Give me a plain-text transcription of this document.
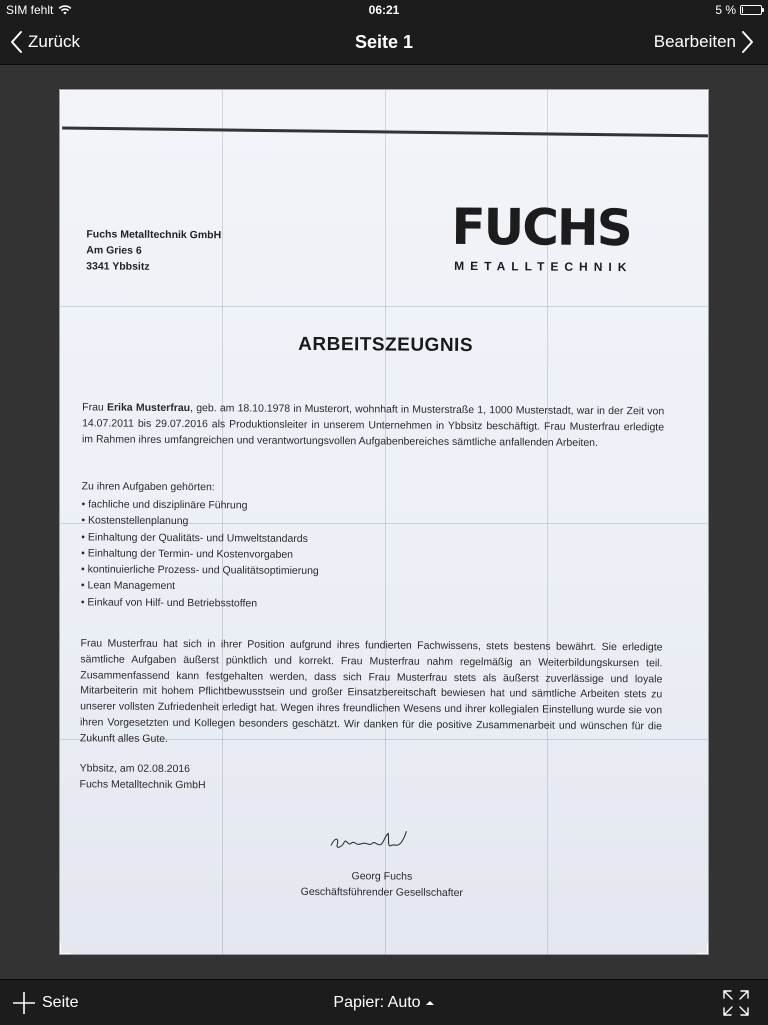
SIM fehlt	06:21	5 %
Zurück	Seite 1	Bearbeiten
Fuchs Metalltechnik GmbH
Am Gries 6
3341 Ybbsitz
FUCHS
METALLTECHNIK
ARBEITSZEUGNIS
Frau Erika Musterfrau, geb. am 18.10.1978 in Musterort, wohnhaft in Musterstraße 1, 1000 Musterstadt, war in der Zeit von 14.07.2011 bis 29.07.2016 als Produktionsleiter in unserem Unternehmen in Ybbsitz beschäftigt. Frau Musterfrau erledigte im Rahmen ihres umfangreichen und verantwortungsvollen Aufgabenbereiches sämtliche anfallenden Arbeiten.
Zu ihren Aufgaben gehörten:
• fachliche und disziplinäre Führung
• Kostenstellenplanung
• Einhaltung der Qualitäts- und Umweltstandards
• Einhaltung der Termin- und Kostenvorgaben
• kontinuierliche Prozess- und Qualitätsoptimierung
• Lean Management
• Einkauf von Hilf- und Betriebsstoffen
Frau Musterfrau hat sich in ihrer Position aufgrund ihres fundierten Fachwissens, stets bestens bewährt. Sie erledigte sämtliche Aufgaben äußerst pünktlich und korrekt. Frau Musterfrau nahm regelmäßig an Weiterbildungskursen teil. Zusammenfassend kann festgehalten werden, dass sich Frau Musterfrau stets als äußerst zuverlässige und loyale Mitarbeiterin mit hohem Pflichtbewusstsein und großer Einsatzbereitschaft bewiesen hat und sämtliche Arbeiten stets zu unserer vollsten Zufriedenheit erledigt hat. Wegen ihres freundlichen Wesens und ihrer kollegialen Einstellung wurde sie von ihren Vorgesetzten und Kollegen besonders geschätzt. Wir danken für die positive Zusammenarbeit und wünschen für die Zukunft alles Gute.
Ybbsitz, am 02.08.2016
Fuchs Metalltechnik GmbH
Georg Fuchs
Geschäftsführender Gesellschafter
Seite	Papier: Auto
